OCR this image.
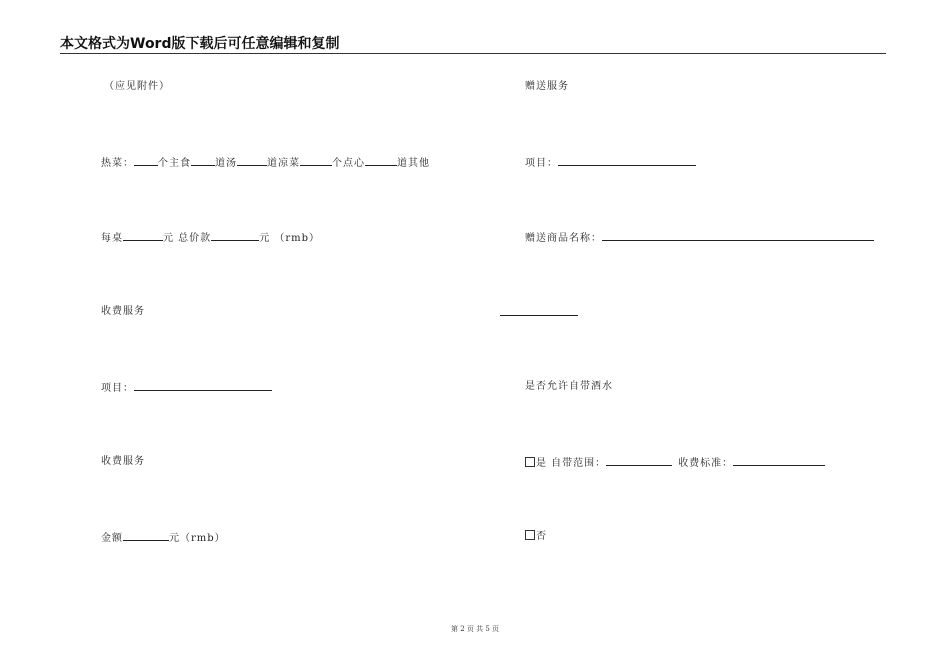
本文格式为Word版下载后可任意编辑和复制
（应见附件）
热菜： 个主食 道汤	道凉菜	个点心	道其他
每桌	元 总价款	元 （rmb）
收费服务
项目：
收费服务
金额	元（rmb）
赠送服务
项目：
赠送商品名称：
是否允许自带酒水
是 自带范围：	收费标准：
否
第 2 页 共 5 页
